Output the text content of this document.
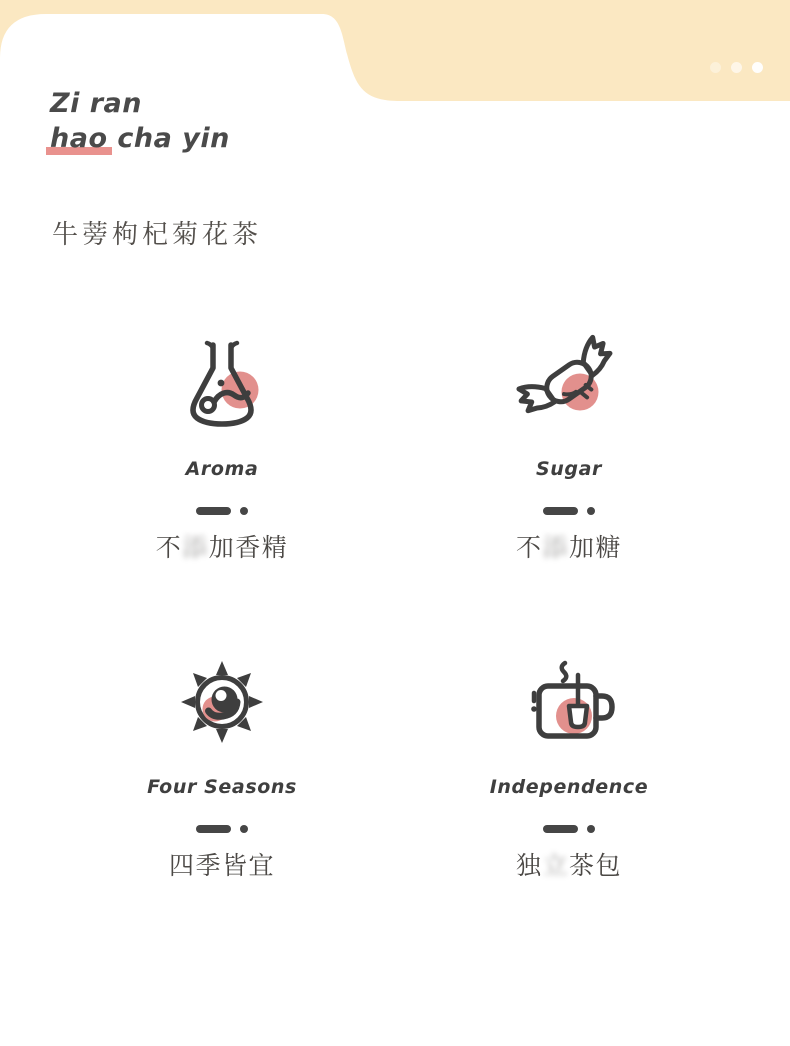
Zi ran
hao cha yin
牛蒡枸杞菊花茶
Aroma
不添加香精
Sugar
不添加糖
Four Seasons
四季皆宜
Independence
独立茶包
